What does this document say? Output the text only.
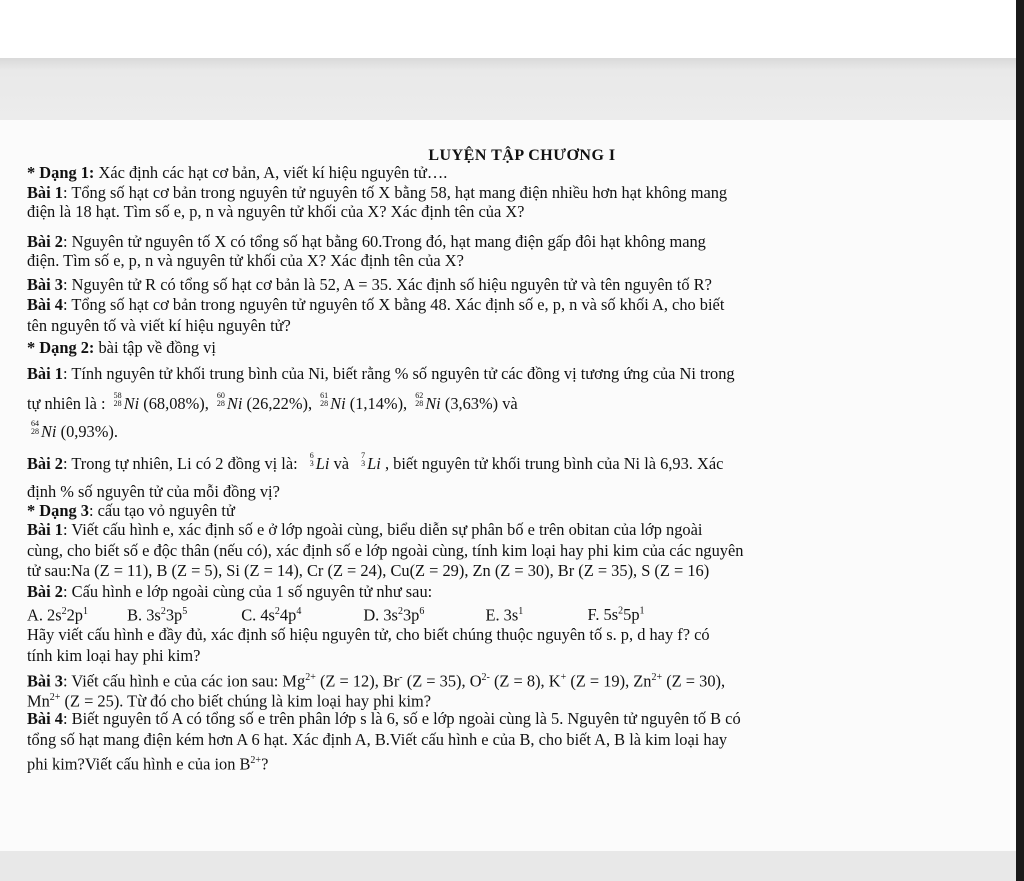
LUYỆN TẬP CHƯƠNG I
* Dạng 1: Xác định các hạt cơ bản, A, viết kí hiệu nguyên tử….
Bài 1: Tổng số hạt cơ bản trong nguyên tử nguyên tố X bằng 58, hạt mang điện nhiều hơn hạt không mang
điện là 18 hạt. Tìm số e, p, n và nguyên tử khối của X? Xác định tên của X?
Bài 2: Nguyên tử nguyên tố X có tổng số hạt bằng 60.Trong đó, hạt mang điện gấp đôi hạt không mang
điện. Tìm số e, p, n và nguyên tử khối của X? Xác định tên của X?
Bài 3: Nguyên tử R có tổng số hạt cơ bản là 52, A = 35. Xác định số hiệu nguyên tử và tên nguyên tố R?
Bài 4: Tổng số hạt cơ bản trong nguyên tử nguyên tố X bằng 48. Xác định số e, p, n và số khối A, cho biết
tên nguyên tố và viết kí hiệu nguyên tử?
* Dạng 2: bài tập về đồng vị
Bài 1: Tính nguyên tử khối trung bình của Ni, biết rằng % số nguyên tử các đồng vị tương ứng của Ni trong
tự nhiên là : 58
28 Ni (68,08%),	60
28 Ni (26,22%),	61
28 Ni (1,14%),	62
28 Ni (3,63%) và
64
28 Ni (0,93%).
Bài 2: Trong tự nhiên, Li có 2 đồng vị là:	6
3 Li và	7
3 Li , biết nguyên tử khối trung bình của Ni là 6,93. Xác
định % số nguyên tử của mỗi đồng vị?
* Dạng 3: cấu tạo vỏ nguyên tử
Bài 1: Viết cấu hình e, xác định số e ở lớp ngoài cùng, biểu diễn sự phân bố e trên obitan của lớp ngoài
cùng, cho biết số e độc thân (nếu có), xác định số e lớp ngoài cùng, tính kim loại hay phi kim của các nguyên
tử sau:Na (Z = 11), B (Z = 5), Si (Z = 14), Cr (Z = 24), Cu(Z = 29), Zn (Z = 30), Br (Z = 35), S (Z = 16)
Bài 2: Cấu hình e lớp ngoài cùng của 1 số nguyên tử như sau:
A. $2s^22p^1$ B. $3s^23p^5$	C. $4s^24p^4$	D. $3s^23p^6$	E. $3s^1$	F. $5s^25p^1$
Hãy viết cấu hình e đầy đủ, xác định số hiệu nguyên tử, cho biết chúng thuộc nguyên tố s. p, d hay f? có
tính kim loại hay phi kim?
Bài 3: Viết cấu hình e của các ion sau: $Mg^{2+}$ (Z = 12), Br- (Z = 35), $O^{2-}$ (Z = 8), K+ (Z = 19), $Zn^{2+}$ (Z = 30),
$Mn^{2+}$ (Z = 25). Từ đó cho biết chúng là kim loại hay phi kim?
Bài 4: Biết nguyên tố A có tổng số e trên phân lớp s là 6, số e lớp ngoài cùng là 5. Nguyên tử nguyên tố B có
tổng số hạt mang điện kém hơn A 6 hạt. Xác định A, B.Viết cấu hình e của B, cho biết A, B là kim loại hay
phi kim?Viết cấu hình e của ion $B^{2+}$?
